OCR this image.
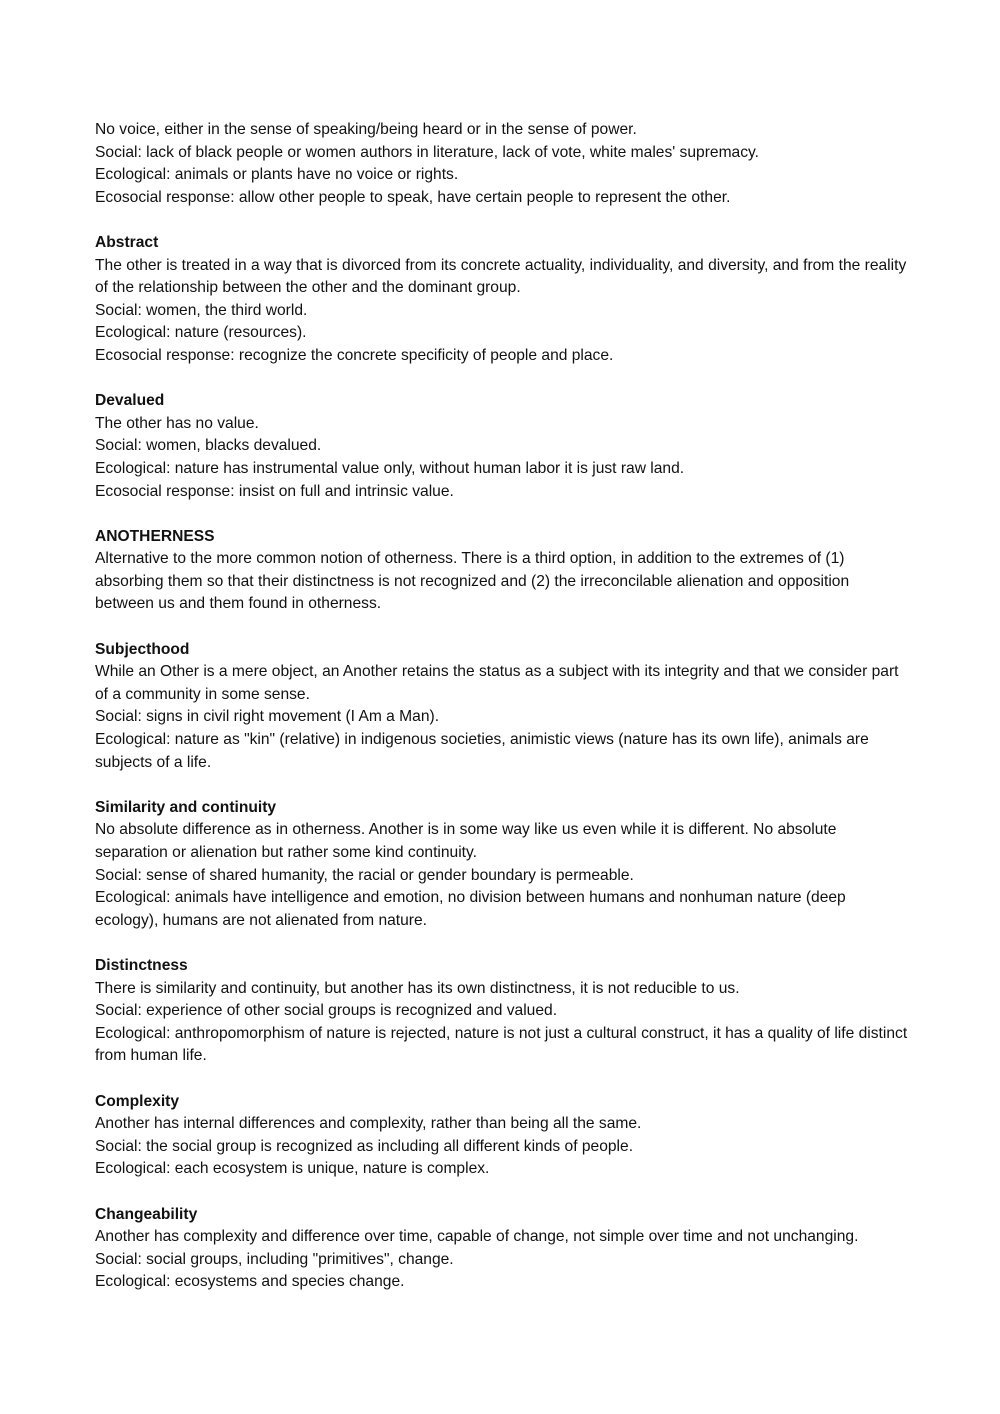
No voice, either in the sense of speaking/being heard or in the sense of power.
Social: lack of black people or women authors in literature, lack of vote, white males' supremacy.
Ecological: animals or plants have no voice or rights.
Ecosocial response: allow other people to speak, have certain people to represent the other.
Abstract
The other is treated in a way that is divorced from its concrete actuality, individuality, and diversity, and from the reality of the relationship between the other and the dominant group.
Social: women, the third world.
Ecological: nature (resources).
Ecosocial response: recognize the concrete specificity of people and place.
Devalued
The other has no value.
Social: women, blacks devalued.
Ecological: nature has instrumental value only, without human labor it is just raw land.
Ecosocial response: insist on full and intrinsic value.
ANOTHERNESS
Alternative to the more common notion of otherness. There is a third option, in addition to the extremes of (1) absorbing them so that their distinctness is not recognized and (2) the irreconcilable alienation and opposition between us and them found in otherness.
Subjecthood
While an Other is a mere object, an Another retains the status as a subject with its integrity and that we consider part of a community in some sense.
Social: signs in civil right movement (I Am a Man).
Ecological: nature as "kin" (relative) in indigenous societies, animistic views (nature has its own life), animals are subjects of a life.
Similarity and continuity
No absolute difference as in otherness. Another is in some way like us even while it is different. No absolute separation or alienation but rather some kind continuity.
Social: sense of shared humanity, the racial or gender boundary is permeable.
Ecological: animals have intelligence and emotion, no division between humans and nonhuman nature (deep ecology), humans are not alienated from nature.
Distinctness
There is similarity and continuity, but another has its own distinctness, it is not reducible to us.
Social: experience of other social groups is recognized and valued.
Ecological: anthropomorphism of nature is rejected, nature is not just a cultural construct, it has a quality of life distinct from human life.
Complexity
Another has internal differences and complexity, rather than being all the same.
Social: the social group is recognized as including all different kinds of people.
Ecological: each ecosystem is unique, nature is complex.
Changeability
Another has complexity and difference over time, capable of change, not simple over time and not unchanging.
Social: social groups, including "primitives", change.
Ecological: ecosystems and species change.
